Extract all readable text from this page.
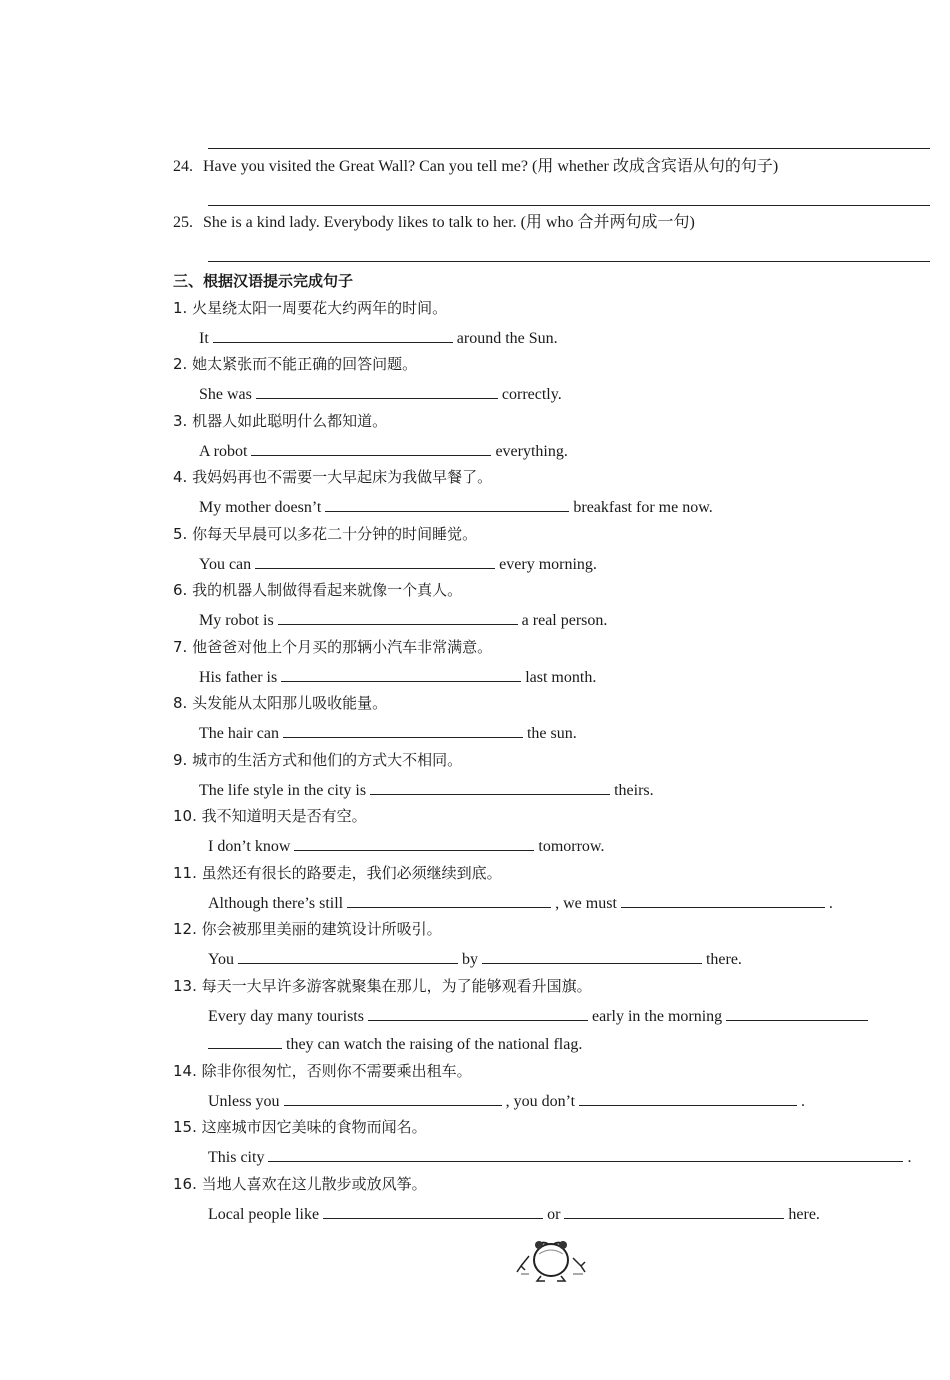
24. Have you visited the Great Wall? Can you tell me? (用 whether 改成含宾语从句的句子)
25. She is a kind lady. Everybody likes to talk to her. (用 who 合并两句成一句)
三、根据汉语提示完成句子
1. 火星绕太阳一周要花大约两年的时间。
It	around the Sun.
2. 她太紧张而不能正确的回答问题。
She was	correctly.
3. 机器人如此聪明什么都知道。
A robot	everything.
4. 我妈妈再也不需要一大早起床为我做早餐了。
My mother doesn’t	breakfast for me now.
5. 你每天早晨可以多花二十分钟的时间睡觉。
You can	every morning.
6. 我的机器人制做得看起来就像一个真人。
My robot is	a real person.
7. 他爸爸对他上个月买的那辆小汽车非常满意。
His father is	last month.
8. 头发能从太阳那儿吸收能量。
The hair can	the sun.
9. 城市的生活方式和他们的方式大不相同。
The life style in the city is	theirs.
10. 我不知道明天是否有空。
I don’t know	tomorrow.
11. 虽然还有很长的路要走，我们必须继续到底。
Although there’s still	, we must	.
12. 你会被那里美丽的建筑设计所吸引。
You	by	there.
13. 每天一大早许多游客就聚集在那儿，为了能够观看升国旗。
Every day many tourists	early in the morning
they can watch the raising of the national flag.
14. 除非你很匆忙，否则你不需要乘出租车。
Unless you	, you don’t	.
15. 这座城市因它美味的食物而闻名。
This city	.
16. 当地人喜欢在这儿散步或放风筝。
Local people like	or	here.
